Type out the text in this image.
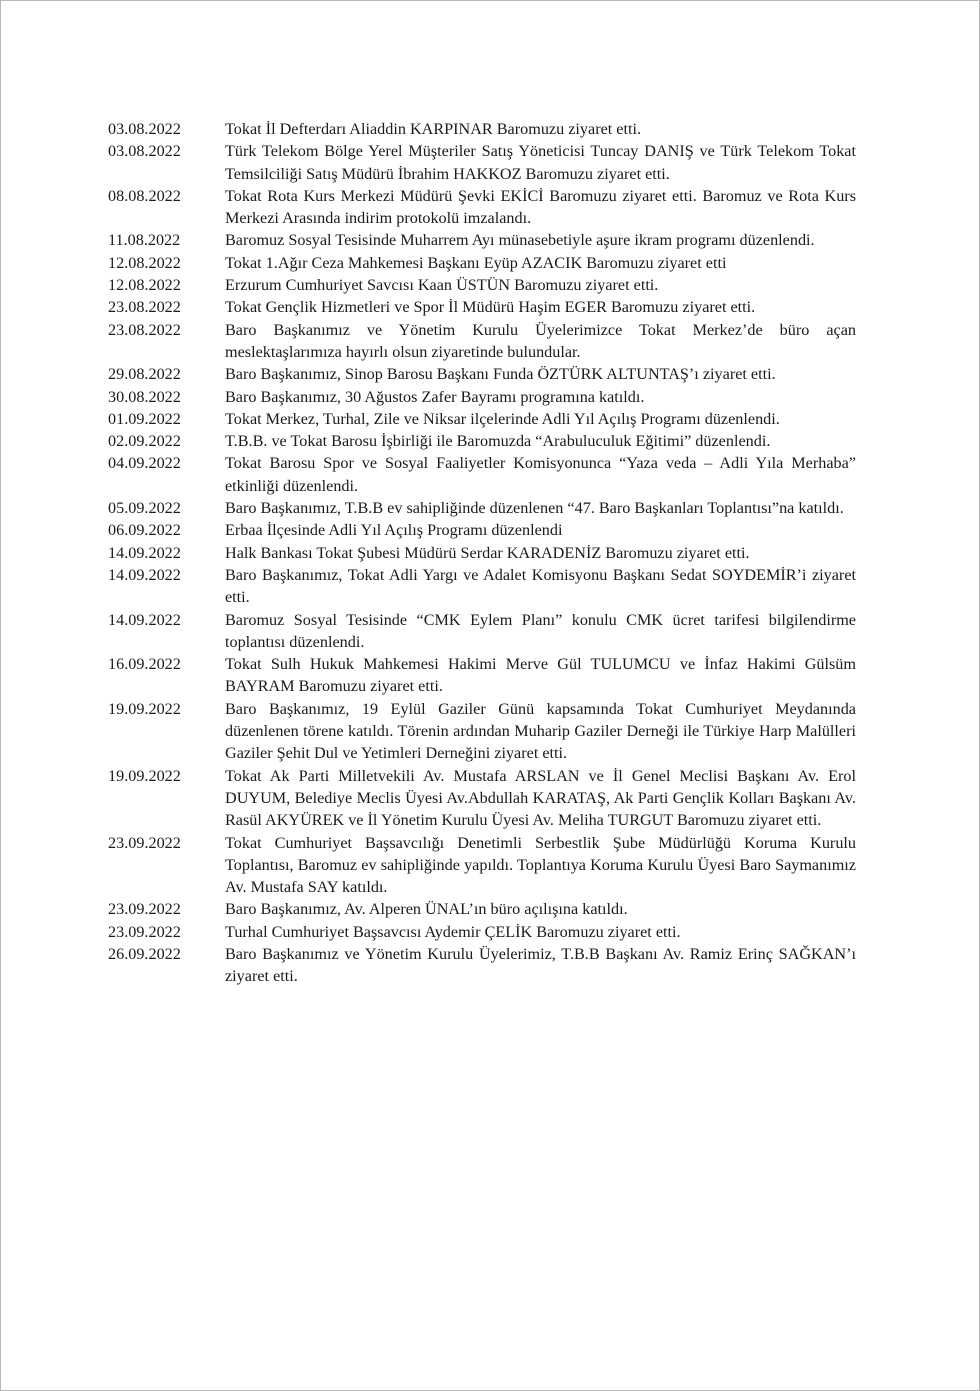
03.08.2022	Tokat İl Defterdarı Aliaddin KARPINAR Baromuzu ziyaret etti.
03.08.2022	Türk Telekom Bölge Yerel Müşteriler Satış Yöneticisi Tuncay DANIŞ ve Türk Telekom Tokat Temsilciliği Satış Müdürü İbrahim HAKKOZ Baromuzu ziyaret etti.
08.08.2022	Tokat Rota Kurs Merkezi Müdürü Şevki EKİCİ Baromuzu ziyaret etti. Baromuz ve Rota Kurs Merkezi Arasında indirim protokolü imzalandı.
11.08.2022	Baromuz Sosyal Tesisinde Muharrem Ayı münasebetiyle aşure ikram programı düzenlendi.
12.08.2022	Tokat 1.Ağır Ceza Mahkemesi Başkanı Eyüp AZACIK Baromuzu ziyaret etti
12.08.2022	Erzurum Cumhuriyet Savcısı Kaan ÜSTÜN Baromuzu ziyaret etti.
23.08.2022	Tokat Gençlik Hizmetleri ve Spor İl Müdürü Haşim EGER Baromuzu ziyaret etti.
23.08.2022	Baro Başkanımız ve Yönetim Kurulu Üyelerimizce Tokat Merkez’de büro açan meslektaşlarımıza hayırlı olsun ziyaretinde bulundular.
29.08.2022	Baro Başkanımız, Sinop Barosu Başkanı Funda ÖZTÜRK ALTUNTAŞ’ı ziyaret etti.
30.08.2022	Baro Başkanımız, 30 Ağustos Zafer Bayramı programına katıldı.
01.09.2022	Tokat Merkez, Turhal, Zile ve Niksar ilçelerinde Adli Yıl Açılış Programı düzenlendi.
02.09.2022	T.B.B. ve Tokat Barosu İşbirliği ile Baromuzda “Arabuluculuk Eğitimi” düzenlendi.
04.09.2022	Tokat Barosu Spor ve Sosyal Faaliyetler Komisyonunca “Yaza veda – Adli Yıla Merhaba” etkinliği düzenlendi.
05.09.2022	Baro Başkanımız, T.B.B ev sahipliğinde düzenlenen “47. Baro Başkanları Toplantısı”na katıldı.
06.09.2022	Erbaa İlçesinde Adli Yıl Açılış Programı düzenlendi
14.09.2022	Halk Bankası Tokat Şubesi Müdürü Serdar KARADENİZ Baromuzu ziyaret etti.
14.09.2022	Baro Başkanımız, Tokat Adli Yargı ve Adalet Komisyonu Başkanı Sedat SOYDEMİR’i ziyaret etti.
14.09.2022	Baromuz Sosyal Tesisinde “CMK Eylem Planı” konulu CMK ücret tarifesi bilgilendirme toplantısı düzenlendi.
16.09.2022	Tokat Sulh Hukuk Mahkemesi Hakimi Merve Gül TULUMCU ve İnfaz Hakimi Gülsüm BAYRAM Baromuzu ziyaret etti.
19.09.2022	Baro Başkanımız, 19 Eylül Gaziler Günü kapsamında Tokat Cumhuriyet Meydanında düzenlenen törene katıldı. Törenin ardından Muharip Gaziler Derneği ile Türkiye Harp Malülleri Gaziler Şehit Dul ve Yetimleri Derneğini ziyaret etti.
19.09.2022	Tokat Ak Parti Milletvekili Av. Mustafa ARSLAN ve İl Genel Meclisi Başkanı Av. Erol DUYUM, Belediye Meclis Üyesi Av.Abdullah KARATAŞ, Ak Parti Gençlik Kolları Başkanı Av. Rasül AKYÜREK ve İl Yönetim Kurulu Üyesi Av. Meliha TURGUT Baromuzu ziyaret etti.
23.09.2022	Tokat Cumhuriyet Başsavcılığı Denetimli Serbestlik Şube Müdürlüğü Koruma Kurulu Toplantısı, Baromuz ev sahipliğinde yapıldı. Toplantıya Koruma Kurulu Üyesi Baro Saymanımız Av. Mustafa SAY katıldı.
23.09.2022	Baro Başkanımız, Av. Alperen ÜNAL’ın büro açılışına katıldı.
23.09.2022	Turhal Cumhuriyet Başsavcısı Aydemir ÇELİK Baromuzu ziyaret etti.
26.09.2022	Baro Başkanımız ve Yönetim Kurulu Üyelerimiz, T.B.B Başkanı Av. Ramiz Erinç SAĞKAN’ı ziyaret etti.
